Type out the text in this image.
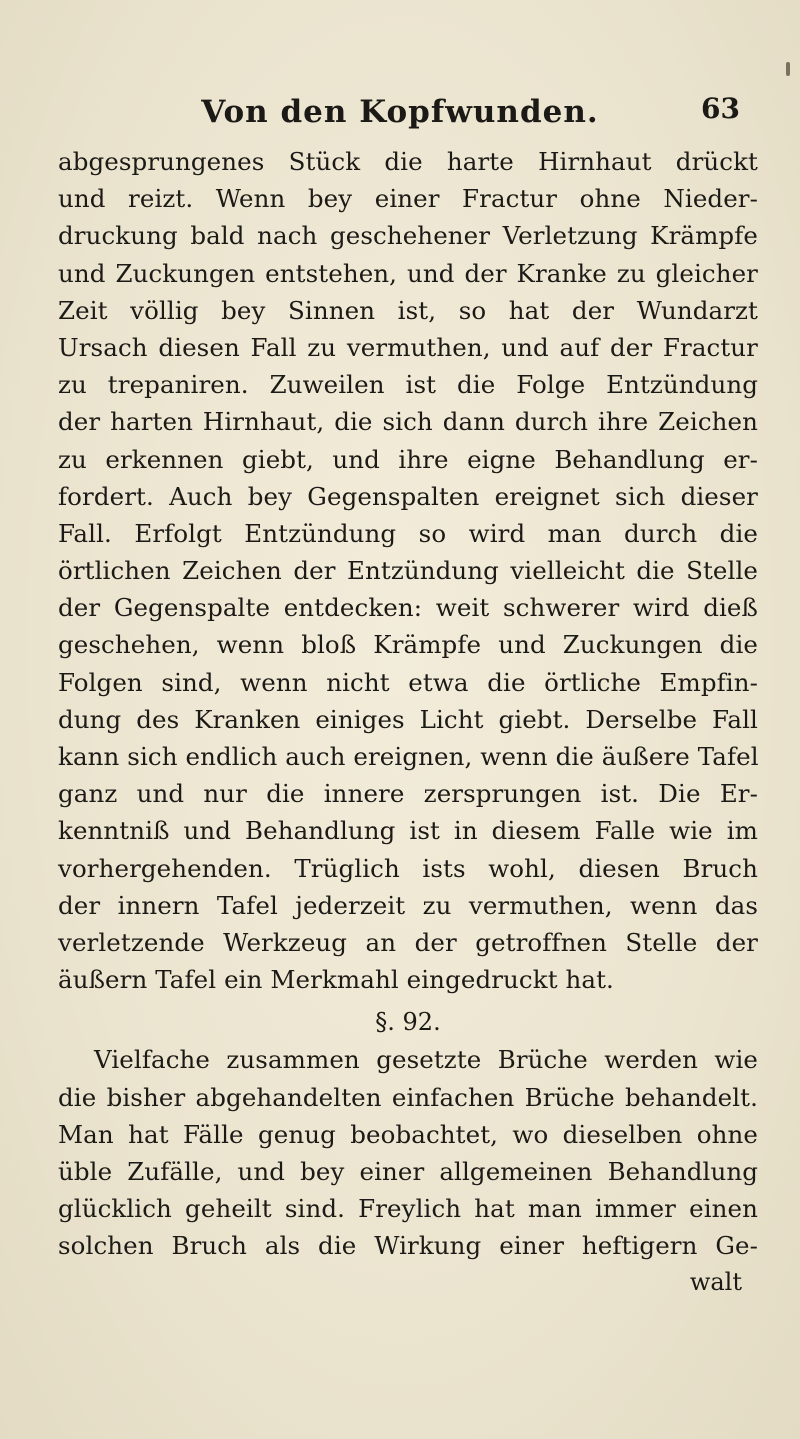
Von den Kopfwunden.	63
abgesprungenes Stück die harte Hirnhaut drückt
und reizt. Wenn bey einer Fractur ohne Nieder-
druckung bald nach geschehener Verletzung Krämpfe
und Zuckungen entstehen, und der Kranke zu gleicher
Zeit völlig bey Sinnen ist, so hat der Wundarzt
Ursach diesen Fall zu vermuthen, und auf der Fractur
zu trepaniren. Zuweilen ist die Folge Entzündung
der harten Hirnhaut, die sich dann durch ihre Zeichen
zu erkennen giebt, und ihre eigne Behandlung er-
fordert. Auch bey Gegenspalten ereignet sich dieser
Fall. Erfolgt Entzündung so wird man durch die
örtlichen Zeichen der Entzündung vielleicht die Stelle
der Gegenspalte entdecken: weit schwerer wird dieß
geschehen, wenn bloß Krämpfe und Zuckungen die
Folgen sind, wenn nicht etwa die örtliche Empfin-
dung des Kranken einiges Licht giebt. Derselbe Fall
kann sich endlich auch ereignen, wenn die äußere Tafel
ganz und nur die innere zersprungen ist. Die Er-
kenntniß und Behandlung ist in diesem Falle wie im
vorhergehenden. Trüglich ists wohl, diesen Bruch
der innern Tafel jederzeit zu vermuthen, wenn das
verletzende Werkzeug an der getroffnen Stelle der
äußern Tafel ein Merkmahl eingedruckt hat.
§. 92.
Vielfache zusammen gesetzte Brüche werden wie
die bisher abgehandelten einfachen Brüche behandelt.
Man hat Fälle genug beobachtet, wo dieselben ohne
üble Zufälle, und bey einer allgemeinen Behandlung
glücklich geheilt sind. Freylich hat man immer einen
solchen Bruch als die Wirkung einer heftigern Ge-
walt
